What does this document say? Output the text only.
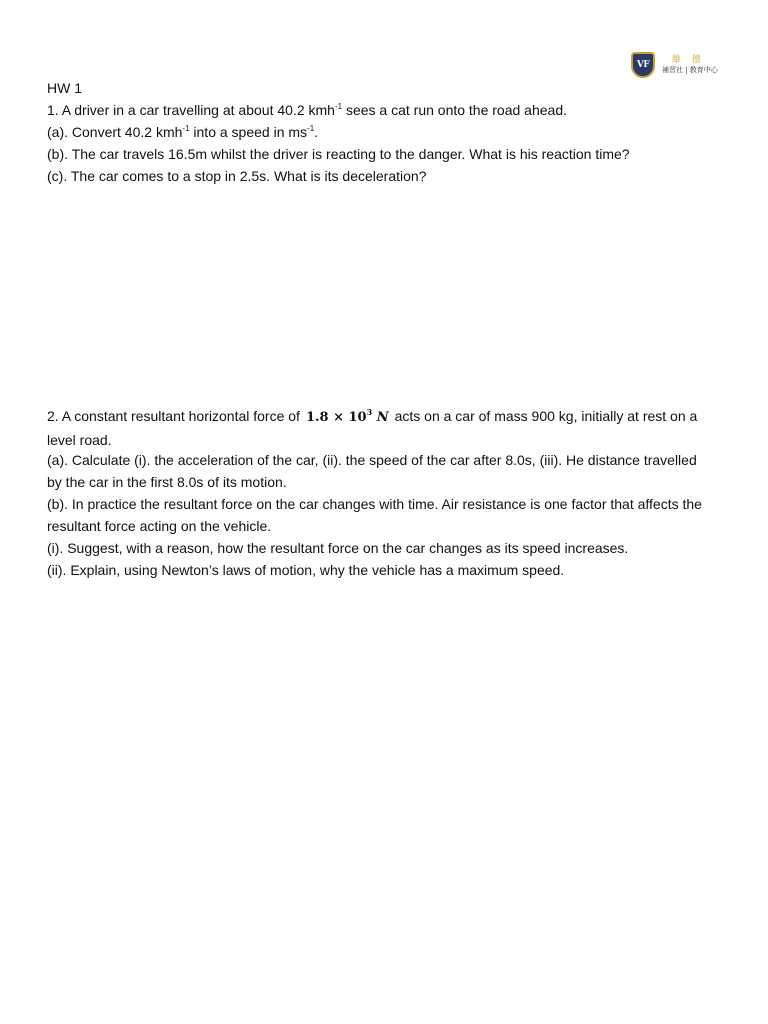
VF	維 德
補習社 | 教育中心
HW 1
1. A driver in a car travelling at about 40.2 kmh$^{-1}$ sees a cat run onto the road ahead.
(a). Convert 40.2 kmh$^{-1}$ into a speed in $ms^{-1}$.
(b). The car travels 16.5m whilst the driver is reacting to the danger. What is his reaction time?
(c). The car comes to a stop in 2.5s. What is its deceleration?
2. A constant resultant horizontal force of $1.8 \times 10^3$ N acts on a car of mass 900 kg, initially at rest on a level road.
(a). Calculate (i). the acceleration of the car, (ii). the speed of the car after 8.0s, (iii). He distance travelled by the car in the first 8.0s of its motion.
(b). In practice the resultant force on the car changes with time. Air resistance is one factor that affects the resultant force acting on the vehicle.
(i). Suggest, with a reason, how the resultant force on the car changes as its speed increases.
(ii). Explain, using Newton’s laws of motion, why the vehicle has a maximum speed.
